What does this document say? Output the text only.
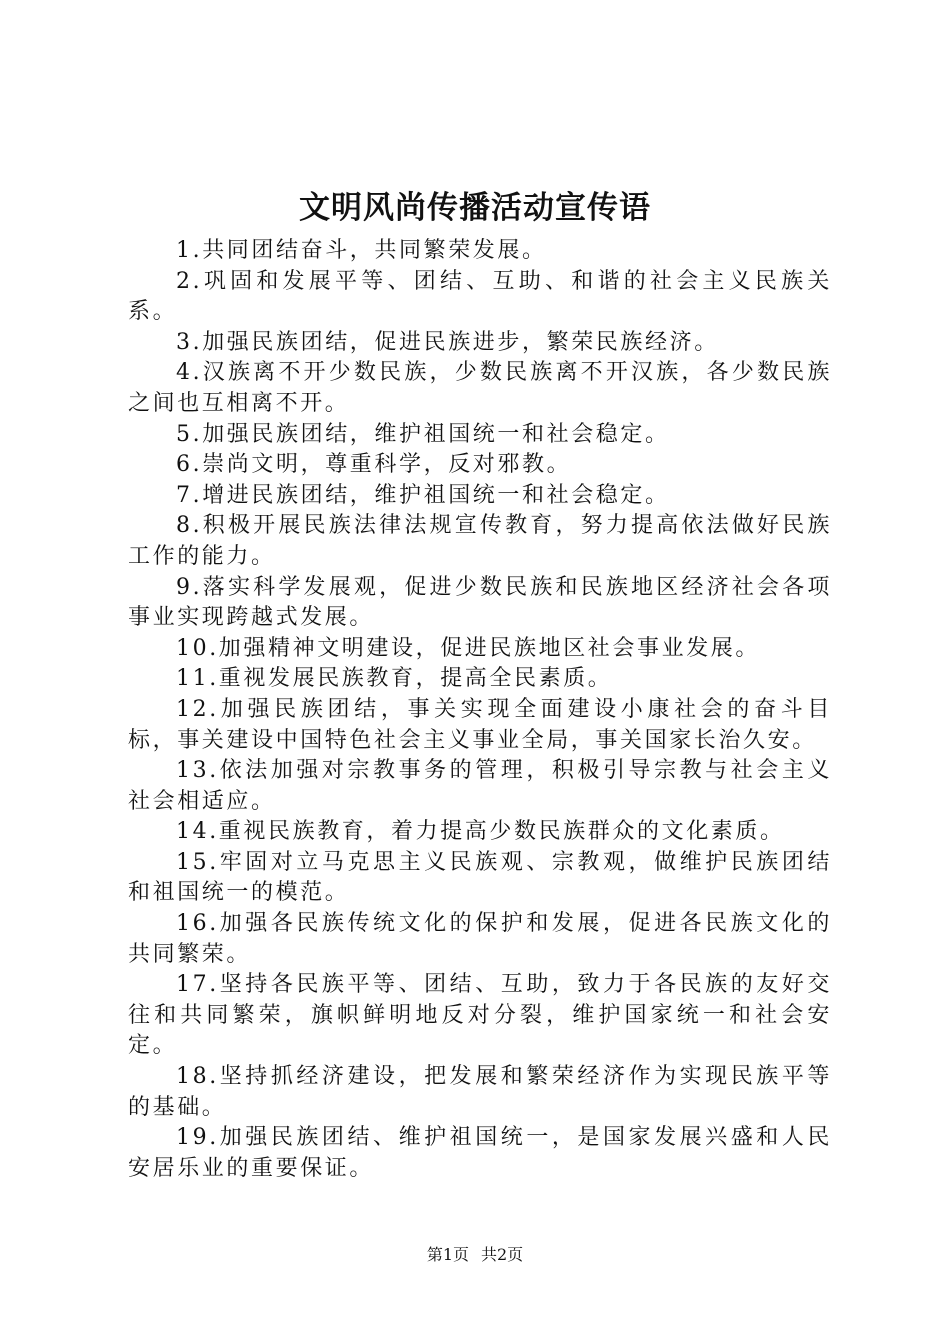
文明风尚传播活动宣传语
1.共同团结奋斗，共同繁荣发展。
2.巩固和发展平等、团结、互助、和谐的社会主义民族关系。
3.加强民族团结，促进民族进步，繁荣民族经济。
4.汉族离不开少数民族，少数民族离不开汉族，各少数民族之间也互相离不开。
5.加强民族团结，维护祖国统一和社会稳定。
6.崇尚文明，尊重科学，反对邪教。
7.增进民族团结，维护祖国统一和社会稳定。
8.积极开展民族法律法规宣传教育，努力提高依法做好民族工作的能力。
9.落实科学发展观，促进少数民族和民族地区经济社会各项事业实现跨越式发展。
10.加强精神文明建设，促进民族地区社会事业发展。
11.重视发展民族教育，提高全民素质。
12.加强民族团结，事关实现全面建设小康社会的奋斗目标，事关建设中国特色社会主义事业全局，事关国家长治久安。
13.依法加强对宗教事务的管理，积极引导宗教与社会主义社会相适应。
14.重视民族教育，着力提高少数民族群众的文化素质。
15.牢固对立马克思主义民族观、宗教观，做维护民族团结和祖国统一的模范。
16.加强各民族传统文化的保护和发展，促进各民族文化的共同繁荣。
17.坚持各民族平等、团结、互助，致力于各民族的友好交往和共同繁荣，旗帜鲜明地反对分裂，维护国家统一和社会安定。
18.坚持抓经济建设，把发展和繁荣经济作为实现民族平等的基础。
19.加强民族团结、维护祖国统一，是国家发展兴盛和人民安居乐业的重要保证。
第1页 共2页
